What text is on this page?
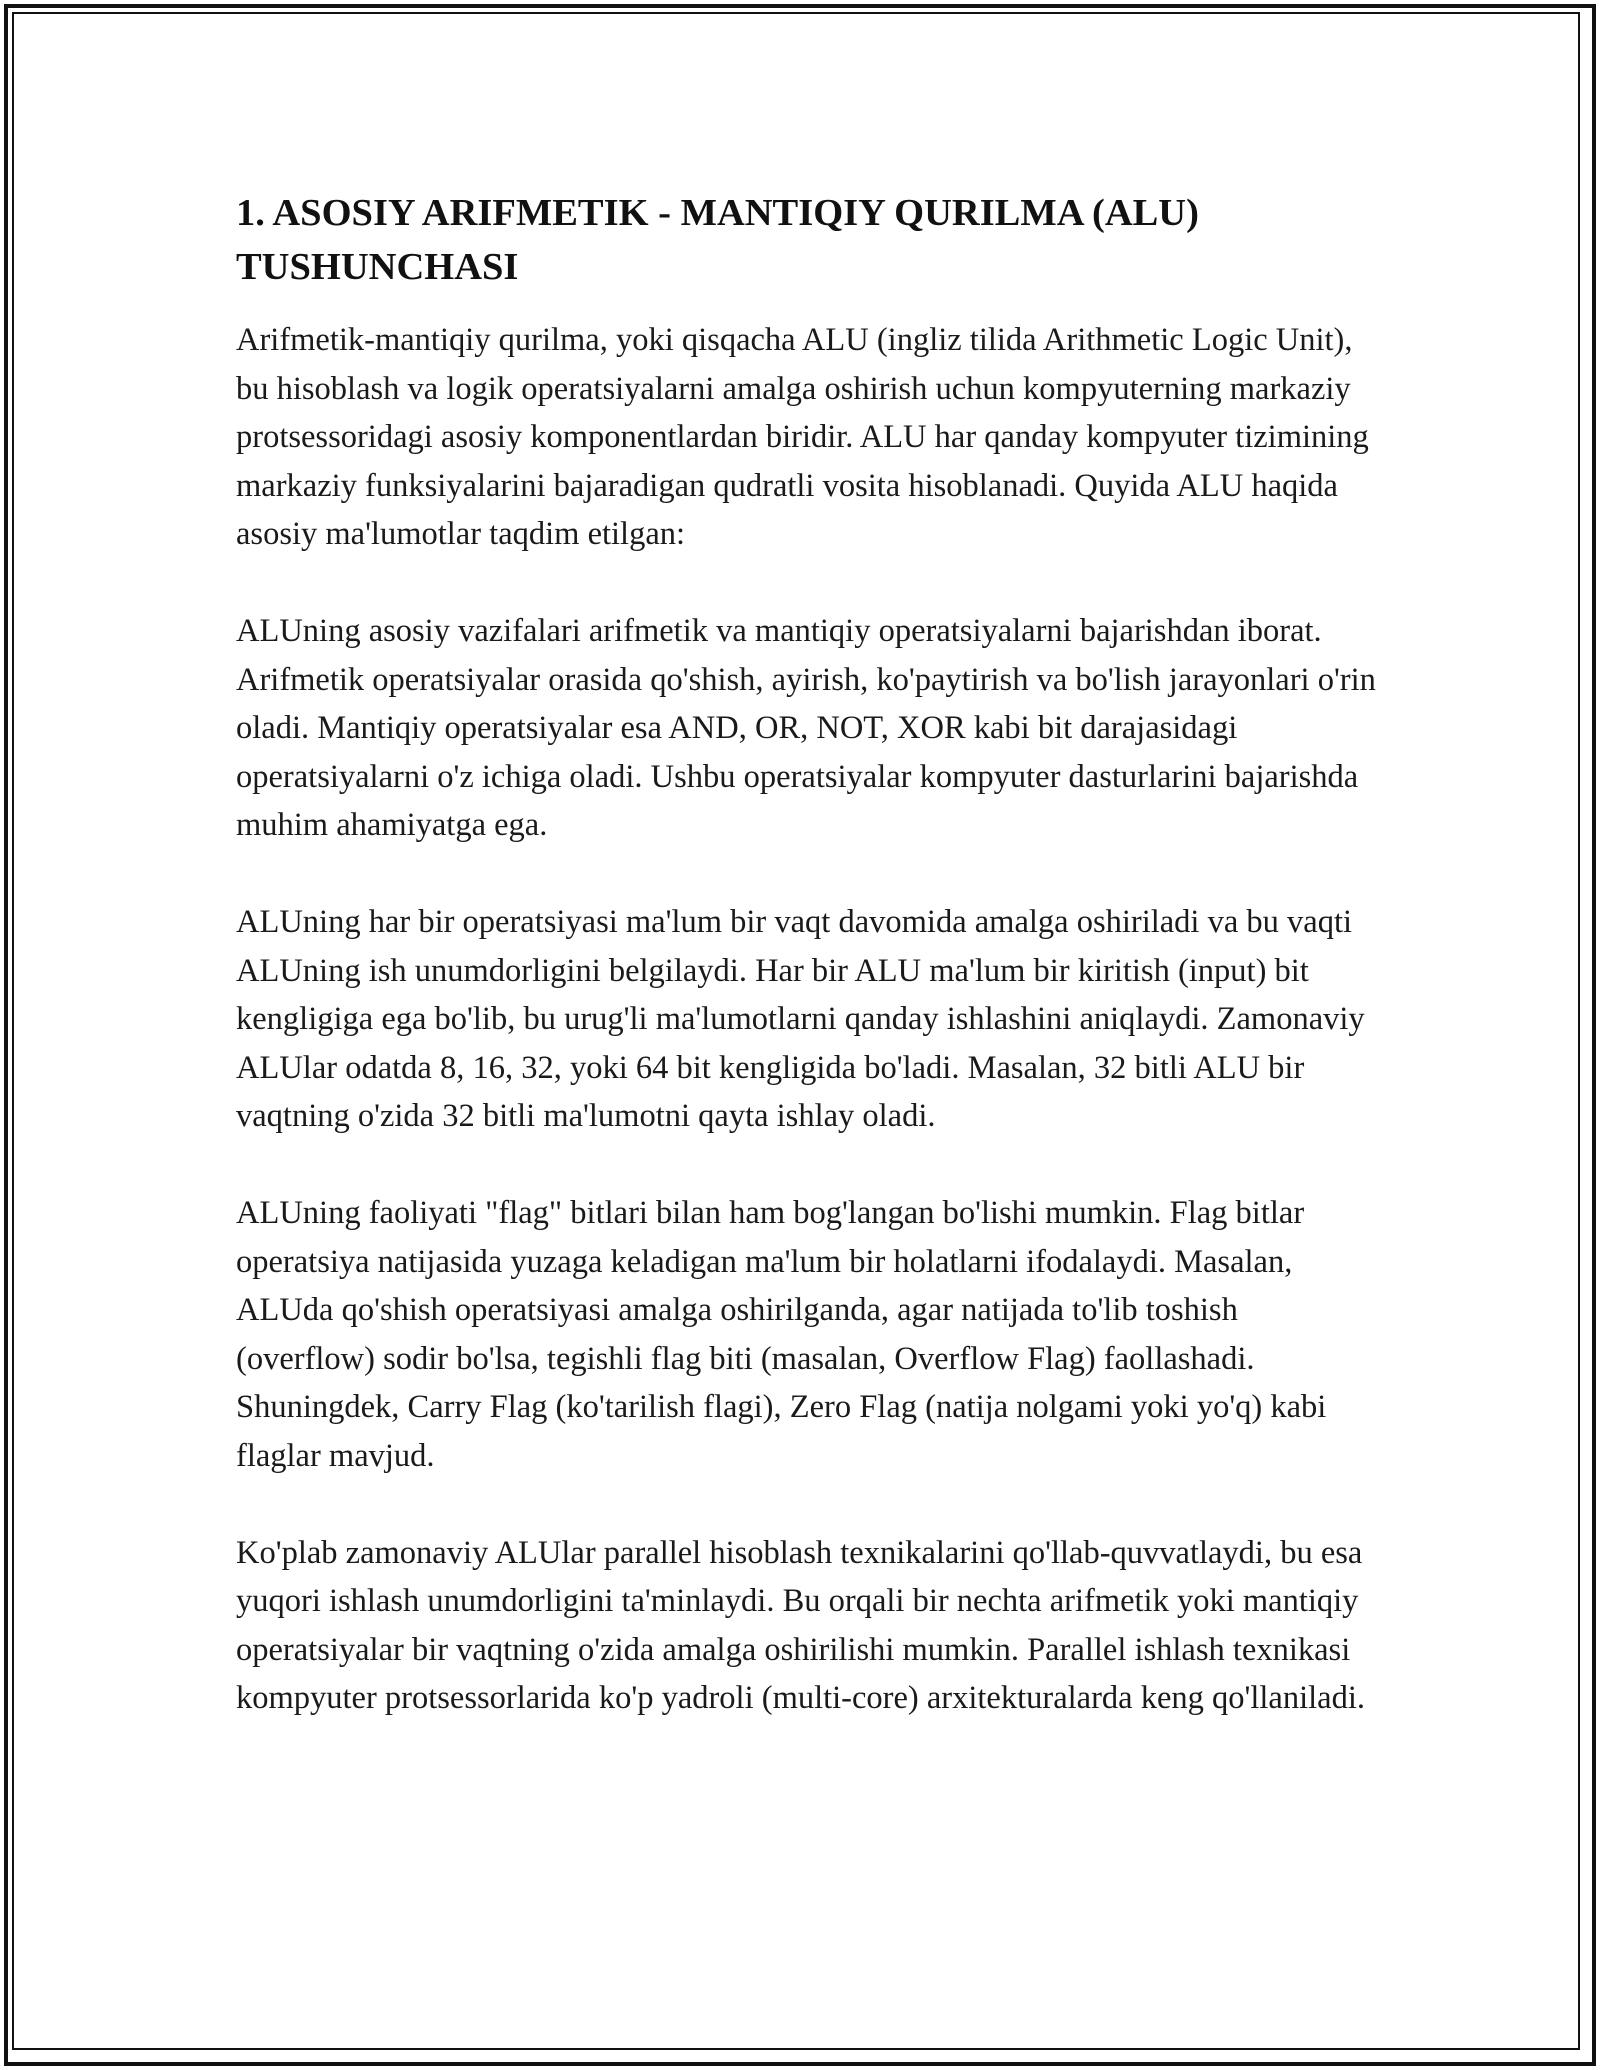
1. ASOSIY ARIFMETIK - MANTIQIY QURILMA (ALU) TUSHUNCHASI

Arifmetik-mantiqiy qurilma, yoki qisqacha ALU (ingliz tilida Arithmetic Logic Unit), bu hisoblash va logik operatsiyalarni amalga oshirish uchun kompyuterning markaziy protsessoridagi asosiy komponentlardan biridir. ALU har qanday kompyuter tizimining markaziy funksiyalarini bajaradigan qudratli vosita hisoblanadi. Quyida ALU haqida asosiy ma'lumotlar taqdim etilgan:

ALUning asosiy vazifalari arifmetik va mantiqiy operatsiyalarni bajarishdan iborat. Arifmetik operatsiyalar orasida qo'shish, ayirish, ko'paytirish va bo'lish jarayonlari o'rin oladi. Mantiqiy operatsiyalar esa AND, OR, NOT, XOR kabi bit darajasidagi operatsiyalarni o'z ichiga oladi. Ushbu operatsiyalar kompyuter dasturlarini bajarishda muhim ahamiyatga ega.

ALUning har bir operatsiyasi ma'lum bir vaqt davomida amalga oshiriladi va bu vaqti ALUning ish unumdorligini belgilaydi. Har bir ALU ma'lum bir kiritish (input) bit kengligiga ega bo'lib, bu urug'li ma'lumotlarni qanday ishlashini aniqlaydi. Zamonaviy ALUlar odatda 8, 16, 32, yoki 64 bit kengligida bo'ladi. Masalan, 32 bitli ALU bir vaqtning o'zida 32 bitli ma'lumotni qayta ishlay oladi.

ALUning faoliyati "flag" bitlari bilan ham bog'langan bo'lishi mumkin. Flag bitlar operatsiya natijasida yuzaga keladigan ma'lum bir holatlarni ifodalaydi. Masalan, ALUda qo'shish operatsiyasi amalga oshirilganda, agar natijada to'lib toshish (overflow) sodir bo'lsa, tegishli flag biti (masalan, Overflow Flag) faollashadi. Shuningdek, Carry Flag (ko'tarilish flagi), Zero Flag (natija nolgami yoki yo'q) kabi flaglar mavjud.

Ko'plab zamonaviy ALUlar parallel hisoblash texnikalarini qo'llab-quvvatlaydi, bu esa yuqori ishlash unumdorligini ta'minlaydi. Bu orqali bir nechta arifmetik yoki mantiqiy operatsiyalar bir vaqtning o'zida amalga oshirilishi mumkin. Parallel ishlash texnikasi kompyuter protsessorlarida ko'p yadroli (multi-core) arxitekturalarda keng qo'llaniladi.
